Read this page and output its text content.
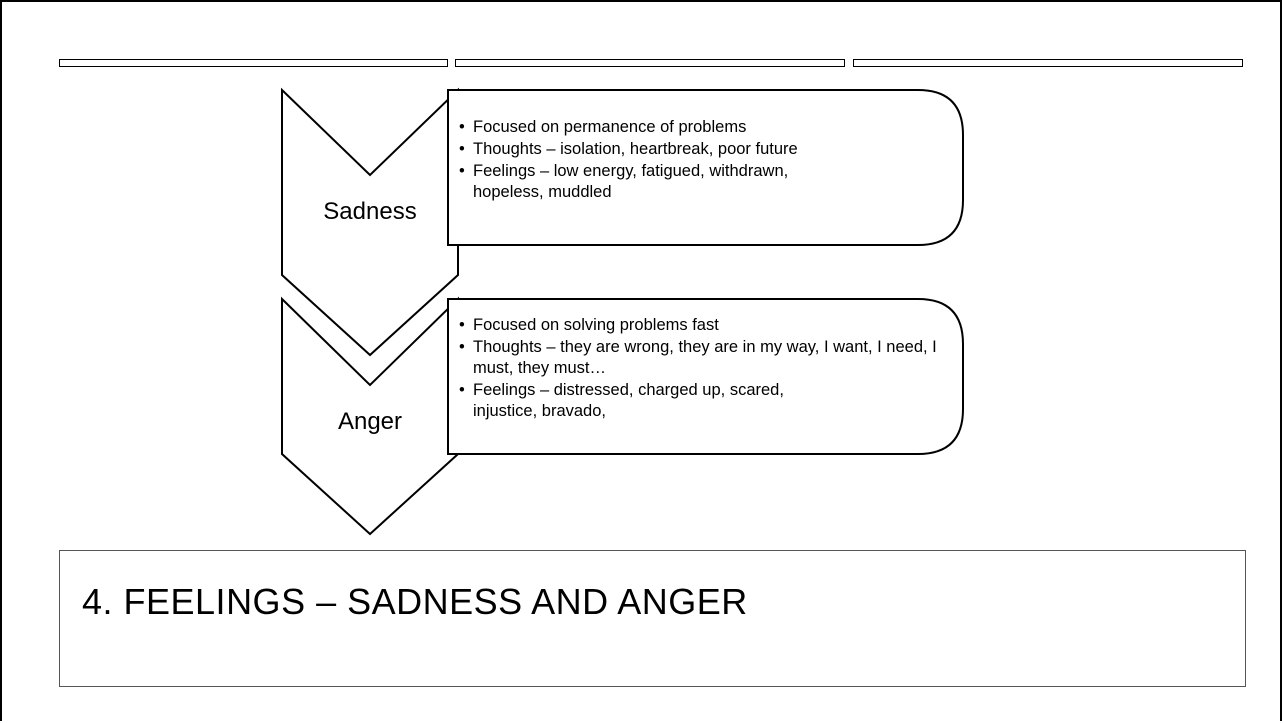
Sadness
Anger
• Focused on permanence of problems
• Thoughts – isolation, heartbreak, poor future
• Feelings – low energy, fatigued, withdrawn, hopeless, muddled
• Focused on solving problems fast
• Thoughts – they are wrong, they are in my way, I want, I need, I must, they must…
• Feelings – distressed, charged up, scared, injustice, bravado,
4. FEELINGS – SADNESS AND ANGER
